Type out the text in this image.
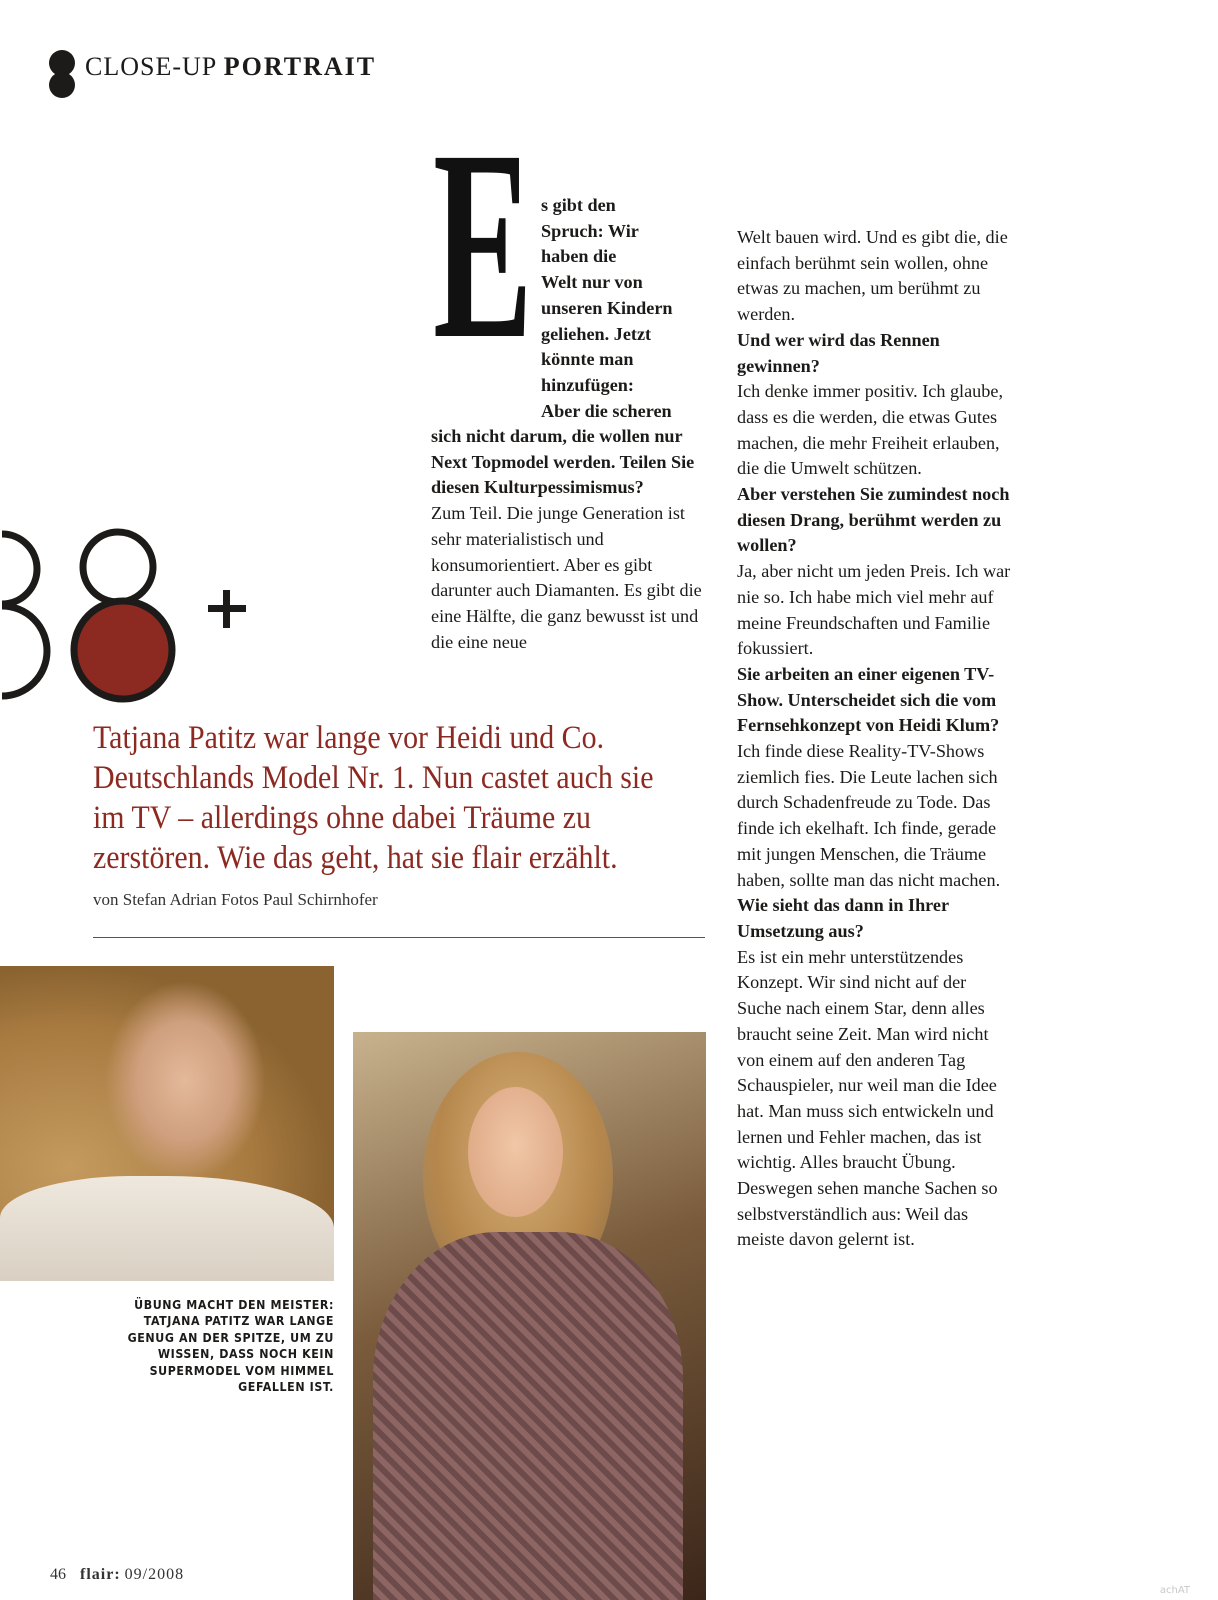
CLOSE-UP PORTRAIT
E s gibt den
Spruch: Wir
haben die
Welt nur von
unseren Kindern
geliehen. Jetzt
könnte man
hinzufügen:
Aber die scheren

sich nicht darum, die wollen nur Next Topmodel werden. Teilen Sie diesen Kulturpessimismus?

Zum Teil. Die junge Generation ist sehr materialistisch und konsumorientiert. Aber es gibt darunter auch Diamanten. Es gibt die eine Hälfte, die ganz bewusst ist und die eine neue

Welt bauen wird. Und es gibt die, die einfach berühmt sein wollen, ohne etwas zu machen, um berühmt zu werden.

Und wer wird das Rennen gewinnen?

Ich denke immer positiv. Ich glaube, dass es die werden, die etwas Gutes machen, die mehr Freiheit erlauben, die die Umwelt schützen.

Aber verstehen Sie zumindest noch diesen Drang, berühmt werden zu wollen?

Ja, aber nicht um jeden Preis. Ich war nie so. Ich habe mich viel mehr auf meine Freundschaften und Familie fokussiert.

Sie arbeiten an einer eigenen TV-Show. Unterscheidet sich die vom Fernsehkonzept von Heidi Klum?

Ich finde diese Reality-TV-Shows ziemlich fies. Die Leute lachen sich durch Schadenfreude zu Tode. Das finde ich ekelhaft. Ich finde, gerade mit jungen Menschen, die Träume haben, sollte man das nicht machen.

Wie sieht das dann in Ihrer Umsetzung aus?

Es ist ein mehr unterstützendes Konzept. Wir sind nicht auf der Suche nach einem Star, denn alles braucht seine Zeit. Man wird nicht von einem auf den anderen Tag Schauspieler, nur weil man die Idee hat. Man muss sich entwickeln und lernen und Fehler machen, das ist wichtig. Alles braucht Übung. Deswegen sehen manche Sachen so selbstverständlich aus: Weil das meiste davon gelernt ist.

Tatjana Patitz war lange vor Heidi und Co. Deutschlands Model Nr. 1. Nun castet auch sie im TV – allerdings ohne dabei Träume zu zerstören. Wie das geht, hat sie flair erzählt.
von Stefan Adrian Fotos Paul Schirnhofer
ÜBUNG MACHT DEN MEISTER: TATJANA PATITZ WAR LANGE GENUG AN DER SPITZE, UM ZU WISSEN, DASS NOCH KEIN SUPERMODEL VOM HIMMEL GEFALLEN IST.
46 flair: 09/2008
achAT
